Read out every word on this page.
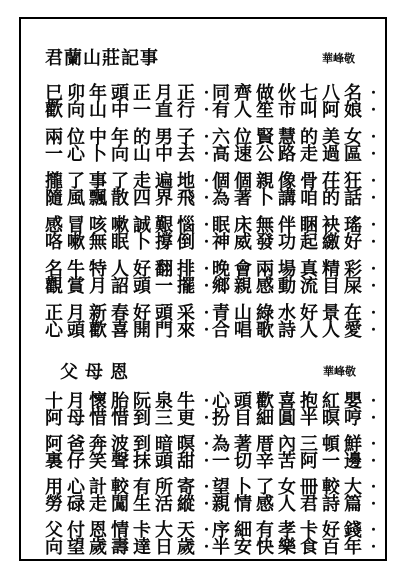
君蘭山莊記事	華峰敬
巳卯年頭正月正 ・
同齊做伙七八名 ・
歡向山中一直行 ・
有人笙市叫阿娘 ・
兩位中年的男子 ・
六位賢慧的美女 ・
一心卜向山中去 ・
高速公路走過區 ・
攏了事了走遍地 ・
個個親像骨茌狂 ・
隨風飄散四界飛 ・
為著卜講咱的話 ・
感冒咳嗽誠艱惱 ・
眠床無伴睏袂瑤 ・
咯嗽無眠卜撐倒 ・
神威發功起繳好 ・
名牛特人好翻排 ・
晚會兩場真精彩 ・
觀賞月詔頭一擺 ・
鄉親感動流目屎 ・
正月新春好頭采 ・
青山綠水好景在 ・
心頭歡喜開門來 ・
合唱歌詩人人愛 ・
父母恩	華峰敬
十月懷胎阮泉牛 ・
心頭歡喜抱紅嬰 ・
阿母惜惜到三更 ・
扮目細圓半暝哼 ・
阿爸奔波到暗暝 ・
為著厝內三頓鮮 ・
裏仔笑聲抹頭甜 ・
一切辛苦阿一邊 ・
用心計較有所寄 ・
望卜了女冊較大 ・
勞碌走闖生活縱 ・
親情感人君詩篇 ・
父付恩情卡大天 ・
序細有孝卡好錢 ・
向望歲壽達日歲 ・
半安快樂食百年 ・
